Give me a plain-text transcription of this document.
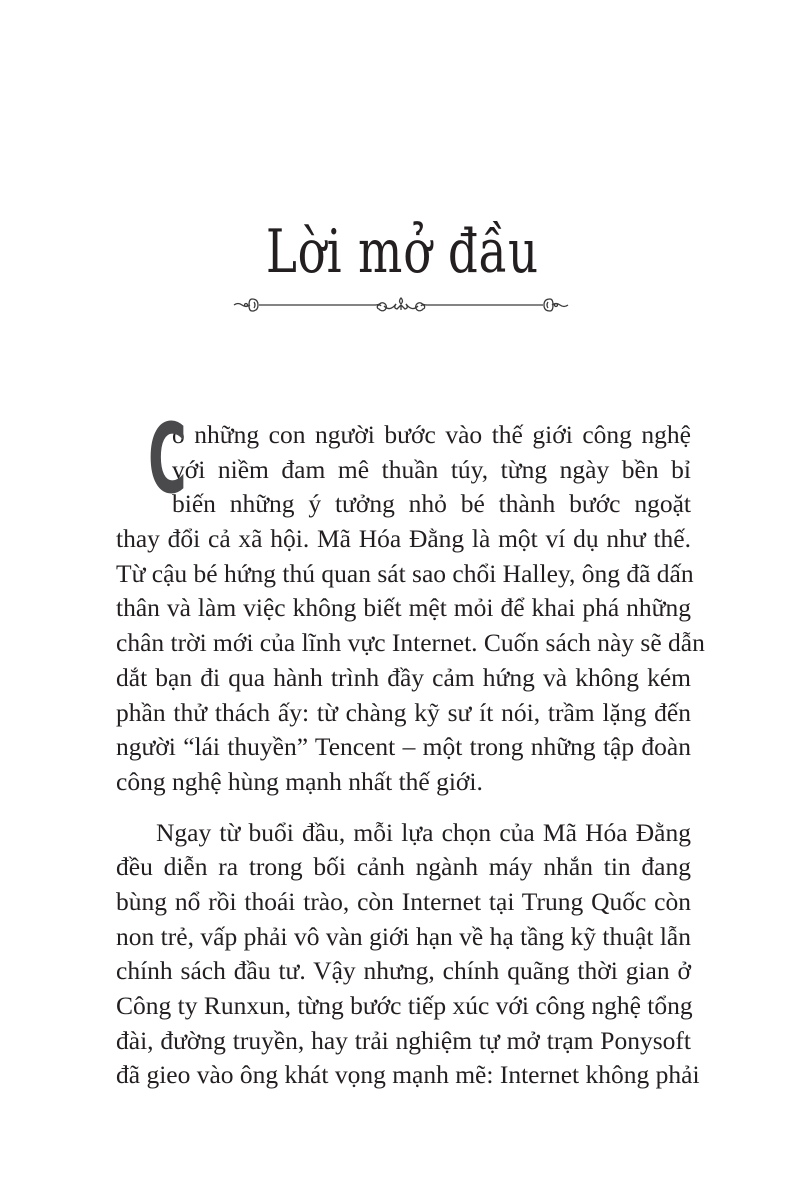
Lời mở đầu
C
ó những con người bước vào thế giới công nghệ
với niềm đam mê thuần túy, từng ngày bền bỉ
biến những ý tưởng nhỏ bé thành bước ngoặt
thay đổi cả xã hội. Mã Hóa Đằng là một ví dụ như thế.
Từ cậu bé hứng thú quan sát sao chổi Halley, ông đã dấn
thân và làm việc không biết mệt mỏi để khai phá những
chân trời mới của lĩnh vực Internet. Cuốn sách này sẽ dẫn
dắt bạn đi qua hành trình đầy cảm hứng và không kém
phần thử thách ấy: từ chàng kỹ sư ít nói, trầm lặng đến
người “lái thuyền” Tencent – một trong những tập đoàn
công nghệ hùng mạnh nhất thế giới.
Ngay từ buổi đầu, mỗi lựa chọn của Mã Hóa Đằng
đều diễn ra trong bối cảnh ngành máy nhắn tin đang
bùng nổ rồi thoái trào, còn Internet tại Trung Quốc còn
non trẻ, vấp phải vô vàn giới hạn về hạ tầng kỹ thuật lẫn
chính sách đầu tư. Vậy nhưng, chính quãng thời gian ở
Công ty Runxun, từng bước tiếp xúc với công nghệ tổng
đài, đường truyền, hay trải nghiệm tự mở trạm Ponysoft
đã gieo vào ông khát vọng mạnh mẽ: Internet không phải
